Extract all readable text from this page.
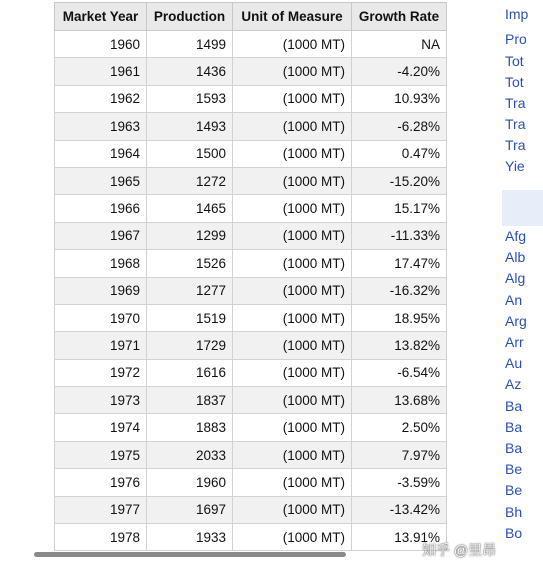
Market Year	Production	Unit of Measure	Growth Rate
1960	1499	(1000 MT)	NA
1961	1436	(1000 MT)	-4.20%
1962	1593	(1000 MT)	10.93%
1963	1493	(1000 MT)	-6.28%
1964	1500	(1000 MT)	0.47%
1965	1272	(1000 MT)	-15.20%
1966	1465	(1000 MT)	15.17%
1967	1299	(1000 MT)	-11.33%
1968	1526	(1000 MT)	17.47%
1969	1277	(1000 MT)	-16.32%
1970	1519	(1000 MT)	18.95%
1971	1729	(1000 MT)	13.82%
1972	1616	(1000 MT)	-6.54%
1973	1837	(1000 MT)	13.68%
1974	1883	(1000 MT)	2.50%
1975	2033	(1000 MT)	7.97%
1976	1960	(1000 MT)	-3.59%
1977	1697	(1000 MT)	-13.42%
1978	1933	(1000 MT)	13.91%
Imp
Pro
Tot
Tot
Tra
Tra
Tra
Yie
Afg
Alb
Alg
An
Arg
Arr
Au
Az
Ba
Ba
Ba
Be
Be
Bh
Bo
知乎 @里昂
